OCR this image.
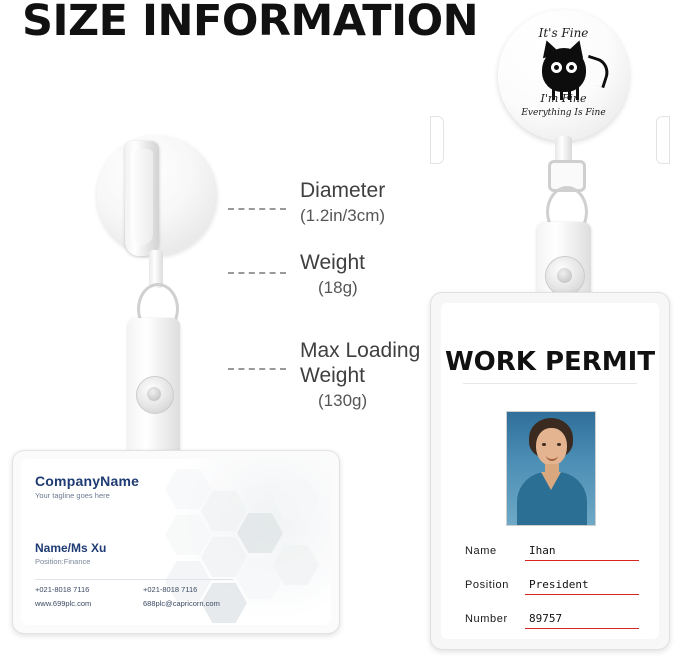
SIZE INFORMATION
Diameter
(1.2in/3cm)
Weight
(18g)
Max Loading
Weight
(130g)
CompanyName
Your tagline goes here
Name/Ms Xu
Position:Finance
+021-8018 7116	+021-8018 7116
www.699plc.com	688plc@capricorn.com
It's Fine
I'm Fine
Everything Is Fine
WORK PERMIT
Name	Ihan
Position President
Number 89757
